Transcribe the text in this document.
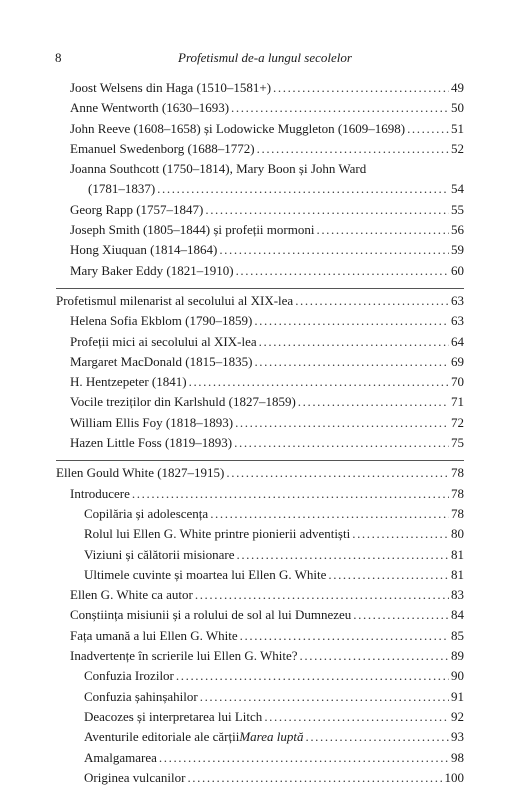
8	Profetismul de-a lungul secolelor
Joost Welsens din Haga (1510–1581+) .....	49
Anne Wentworth (1630–1693) .....	50
John Reeve (1608–1658) și Lodowicke Muggleton (1609–1698) .....	51
Emanuel Swedenborg (1688–1772) .....	52
Joanna Southcott (1750–1814), Mary Boon și John Ward
(1781–1837) .....	54
Georg Rapp (1757–1847) .....	55
Joseph Smith (1805–1844) și profeții mormoni .....	56
Hong Xiuquan (1814–1864) .....	59
Mary Baker Eddy (1821–1910) .....	60
Profetismul milenarist al secolului al XIX-lea .....	63
Helena Sofia Ekblom (1790–1859) .....	63
Profeții mici ai secolului al XIX-lea .....	64
Margaret MacDonald (1815–1835) .....	69
H. Hentzepeter (1841) .....	70
Vocile treziților din Karlshuld (1827–1859) .....	71
William Ellis Foy (1818–1893) .....	72
Hazen Little Foss (1819–1893) .....	75
Ellen Gould White (1827–1915) .....	78
Introducere .....	78
Copilăria și adolescența .....	78
Rolul lui Ellen G. White printre pionierii adventiști .....	80
Viziuni și călătorii misionare .....	81
Ultimele cuvinte și moartea lui Ellen G. White .....	81
Ellen G. White ca autor .....	83
Conștiința misiunii și a rolului de sol al lui Dumnezeu .....	84
Fața umană a lui Ellen G. White .....	85
Inadvertențe în scrierile lui Ellen G. White? .....	89
Confuzia Irozilor .....	90
Confuzia șahinșahilor .....	91
Deacozes și interpretarea lui Litch .....	92
Aventurile editoriale ale cărții Marea luptă .....	93
Amalgamarea .....	98
Originea vulcanilor .....	100
